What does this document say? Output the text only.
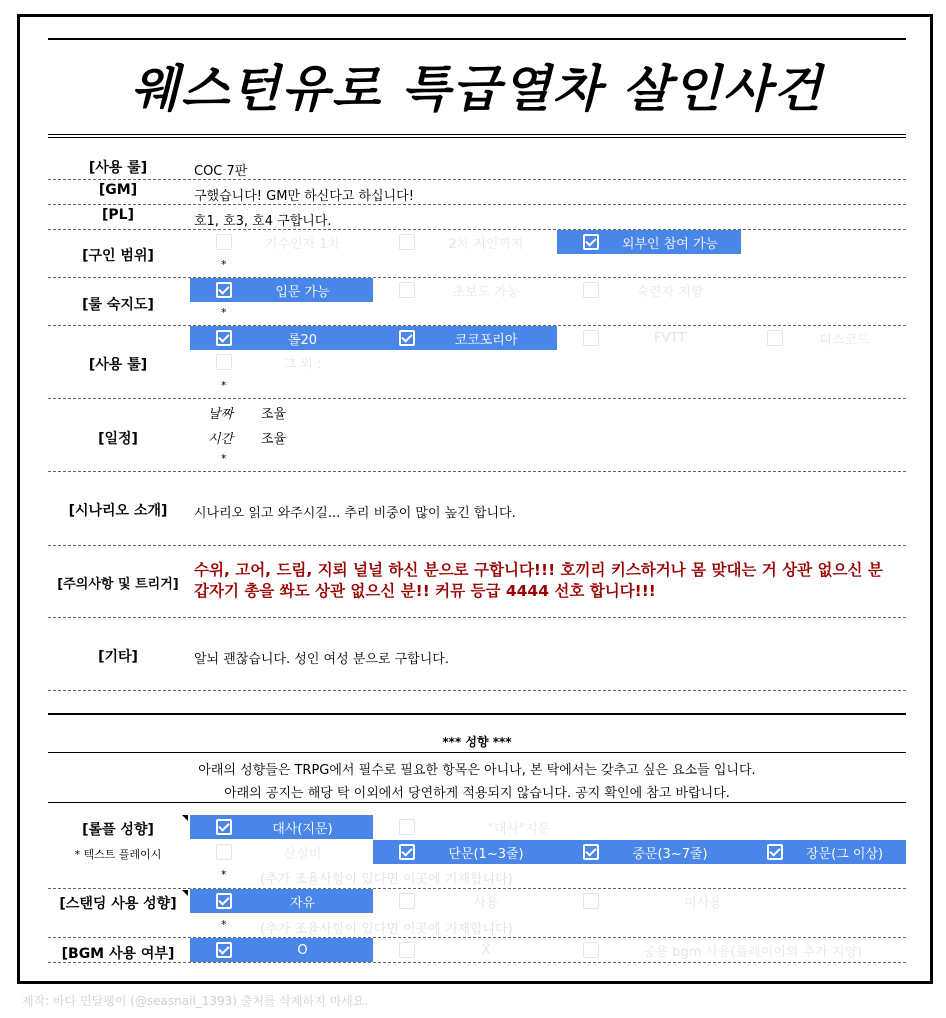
웨스턴유로 특급열차 살인사건
[사용 룰]	COC 7판
[GM]	구했습니다! GM만 하신다고 하십니다!
[PL]	호1, 호3, 호4 구합니다.
[구인 범위]
기수인자 1차	2차 지인까지	외부인 참여 가능
*
[룰 숙지도]
입문 가능	초보도 가능	숙련자 지향
*
[사용 툴]
롤20	코코포리아	FVTT	디스코드
그 외 :
*
[일정]
날짜 조율
시간 조율
*
[시나리오 소개]	시나리오 읽고 와주시길... 추리 비중이 많이 높긴 합니다.
[주의사항 및 트리거]
수위, 고어, 드림, 지뢰 널널 하신 분으로 구합니다!!! 호끼리 키스하거나 몸 맞대는 거 상관 없으신 분 갑자기 총을 쏴도 상관 없으신 분!! 커뮤 등급 4444 선호 합니다!!!
[기타]	알뇌 괜찮습니다. 성인 여성 분으로 구합니다.
*** 성향 ***
아래의 성향들은 TRPG에서 필수로 필요한 항목은 아니나, 본 탁에서는 갖추고 싶은 요소들 입니다.
아래의 공지는 해당 탁 이외에서 당연하게 적용되지 않습니다. 공지 확인에 참고 바랍니다.
[롤플 성향]
* 텍스트 플레이시
대사(지문)	"대사"지문
산설비	단문(1~3줄)	중문(3~7줄)	장문(그 이상)
*	(추가 조율사항이 있다면 이곳에 기재합니다)
[스탠딩 사용 성향]	자유	사용	미사용
*	(추가 조율사항이 있다면 이곳에 기재합니다)
[BGM 사용 여부]	O	X	공용 bgm 사용(플레이어의 추가 지양)
제작: 바다 민달팽이 (@seasnail_1393) 출처를 삭제하지 마세요.
